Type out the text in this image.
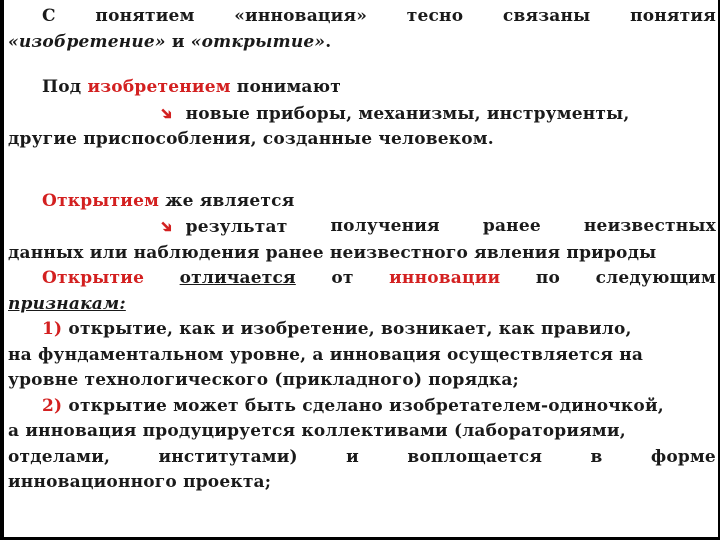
С понятием «инновация» тесно связаны понятия
«изобретение» и «открытие».
Под изобретением понимают
➔ новые приборы, механизмы, инструменты,
другие приспособления, созданные человеком.
Открытием же является
➔ результат	получения	ранее	неизвестных
данных или наблюдения ранее неизвестного явления природы
Открытие отличается от инновации по следующим
признакам:
1) открытие, как и изобретение, возникает, как правило,
на фундаментальном уровне, а инновация осуществляется на
уровне технологического (прикладного) порядка;
2) открытие может быть сделано изобретателем-одиночкой,
а инновация продуцируется коллективами (лабораториями,
отделами,	институтами)	и	воплощается	в	форме
инновационного проекта;
